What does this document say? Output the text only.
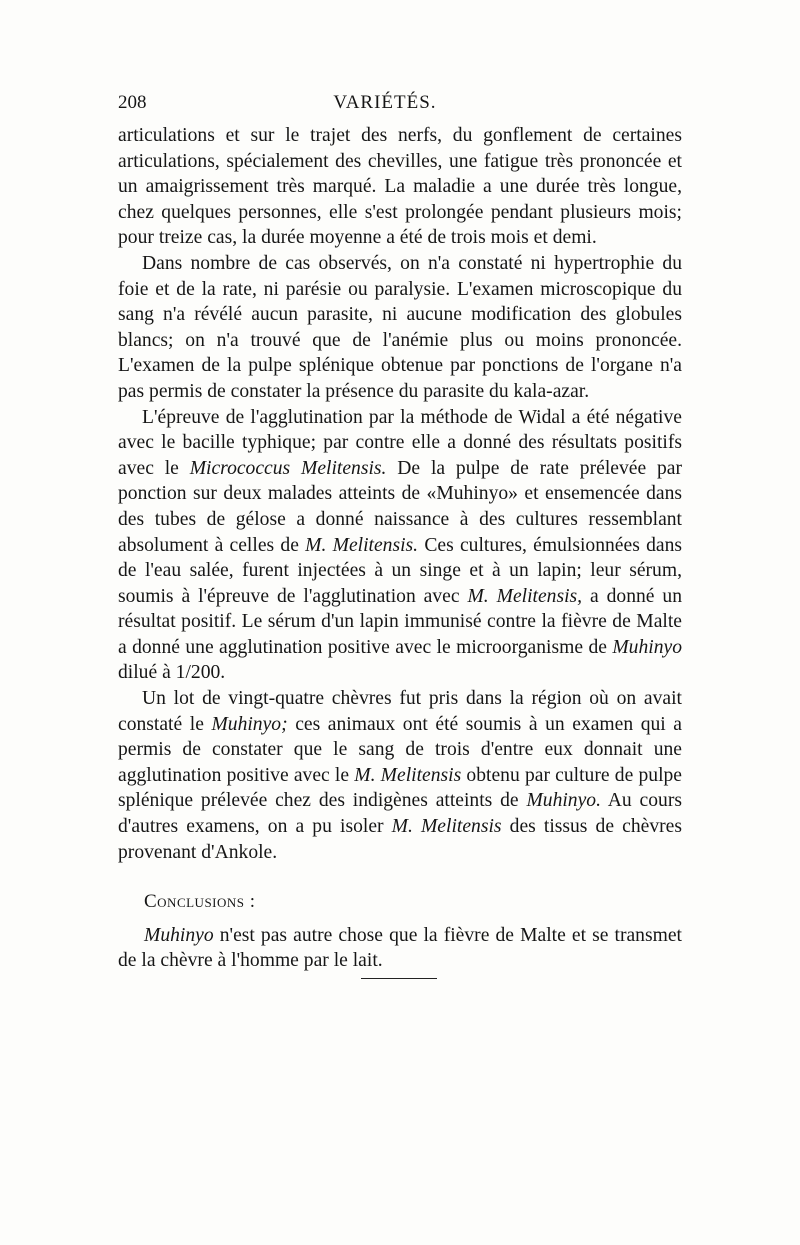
208	VARIÉTÉS.

articulations et sur le trajet des nerfs, du gonflement de certaines articulations, spécialement des chevilles, une fatigue très prononcée et un amaigrissement très marqué. La maladie a une durée très longue, chez quelques personnes, elle s'est prolongée pendant plusieurs mois; pour treize cas, la durée moyenne a été de trois mois et demi.

Dans nombre de cas observés, on n'a constaté ni hypertrophie du foie et de la rate, ni parésie ou paralysie. L'examen microscopique du sang n'a révélé aucun parasite, ni aucune modification des globules blancs; on n'a trouvé que de l'anémie plus ou moins prononcée. L'examen de la pulpe splénique obtenue par ponctions de l'organe n'a pas permis de constater la présence du parasite du kala-azar.

L'épreuve de l'agglutination par la méthode de Widal a été négative avec le bacille typhique; par contre elle a donné des résultats positifs avec le Micrococcus Melitensis. De la pulpe de rate prélevée par ponction sur deux malades atteints de «Muhinyo» et ensemencée dans des tubes de gélose a donné naissance à des cultures ressemblant absolument à celles de M. Melitensis. Ces cultures, émulsionnées dans de l'eau salée, furent injectées à un singe et à un lapin; leur sérum, soumis à l'épreuve de l'agglutination avec M. Melitensis, a donné un résultat positif. Le sérum d'un lapin immunisé contre la fièvre de Malte a donné une agglutination positive avec le microorganisme de Muhinyo dilué à 1/200.

Un lot de vingt-quatre chèvres fut pris dans la région où on avait constaté le Muhinyo; ces animaux ont été soumis à un examen qui a permis de constater que le sang de trois d'entre eux donnait une agglutination positive avec le M. Melitensis obtenu par culture de pulpe splénique prélevée chez des indigènes atteints de Muhinyo. Au cours d'autres examens, on a pu isoler M. Melitensis des tissus de chèvres provenant d'Ankole.

Conclusions :

Muhinyo n'est pas autre chose que la fièvre de Malte et se transmet de la chèvre à l'homme par le lait.
